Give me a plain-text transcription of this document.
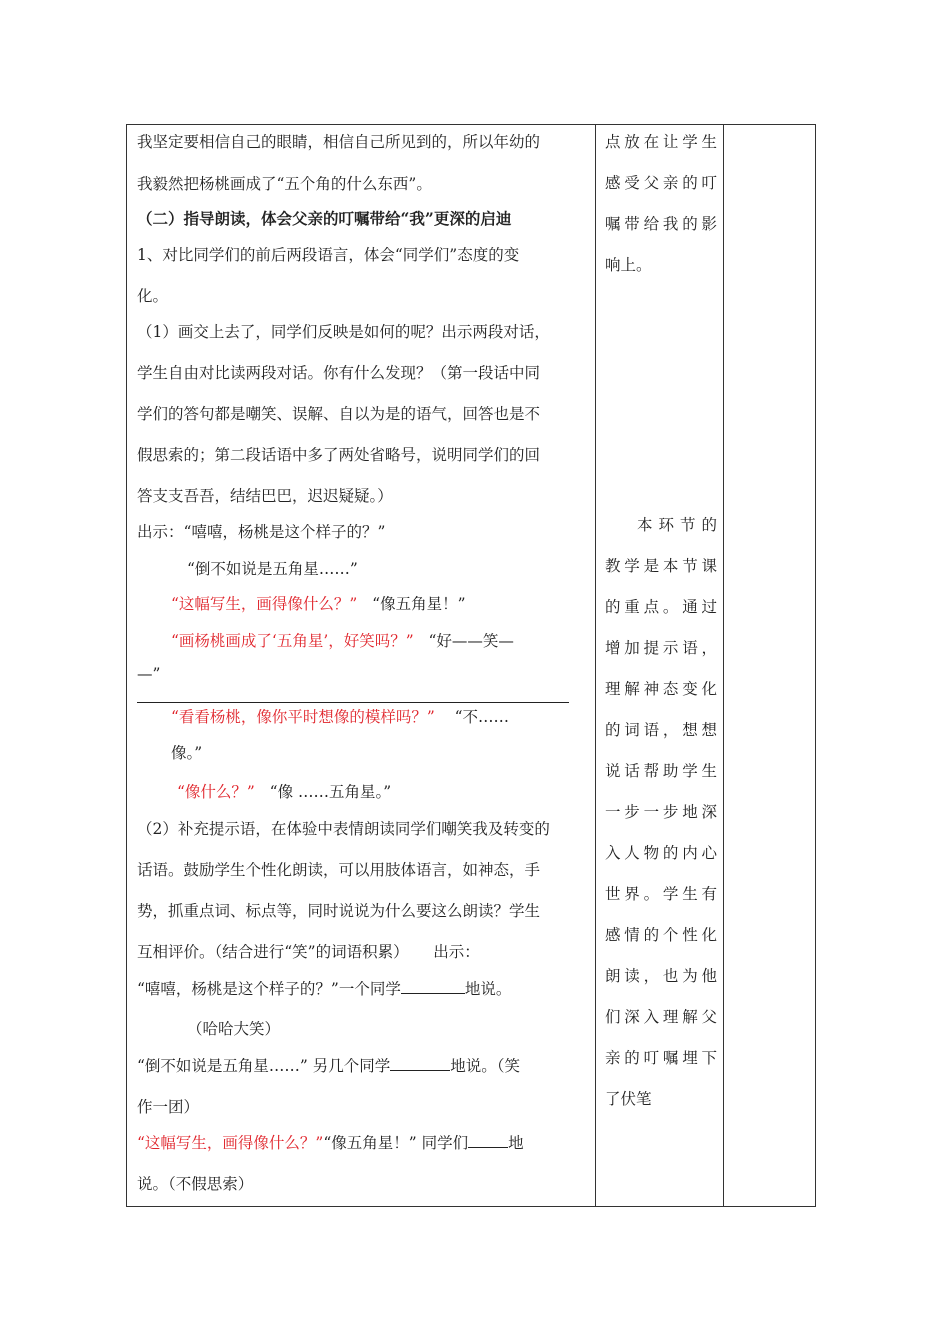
我坚定要相信自己的眼睛，相信自己所见到的，所以年幼的
我毅然把杨桃画成了“五个角的什么东西”。
（二）指导朗读，体会父亲的叮嘱带给“我”更深的启迪
1、对比同学们的前后两段语言，体会“同学们”态度的变
化。
（1）画交上去了，同学们反映是如何的呢？出示两段对话，
学生自由对比读两段对话。你有什么发现？（第一段话中同
学们的答句都是嘲笑、误解、自以为是的语气，回答也是不
假思索的；第二段话语中多了两处省略号，说明同学们的回
答支支吾吾，结结巴巴，迟迟疑疑。）
出示：“嘻嘻，杨桃是这个样子的？”
“倒不如说是五角星……”
“这幅写生，画得像什么？” “像五角星！”
“画杨桃画成了‘五角星’，好笑吗？” “好——笑—
—”
“看看杨桃，像你平时想像的模样吗？” “不……
像。”
“像什么？” “像 ……五角星。”
（2）补充提示语，在体验中表情朗读同学们嘲笑我及转变的
话语。鼓励学生个性化朗读，可以用肢体语言，如神态，手
势，抓重点词、标点等，同时说说为什么要这么朗读？学生
互相评价。（结合进行“笑”的词语积累） 出示：
“嘻嘻，杨桃是这个样子的？”一个同学	地说。
（哈哈大笑）
“倒不如说是五角星……” 另几个同学	地说。（笑
作一团）
“这幅写生，画得像什么？”“像五角星！” 同学们	地
说。（不假思索）
点放在让学生
感受父亲的叮
嘱带给我的影
响上。
本环节的
教学是本节课
的重点。通过
增加提示语，
理解神态变化
的词语，想想
说话帮助学生
一步一步地深
入人物的内心
世界。学生有
感情的个性化
朗读，也为他
们深入理解父
亲的叮嘱埋下
了伏笔
